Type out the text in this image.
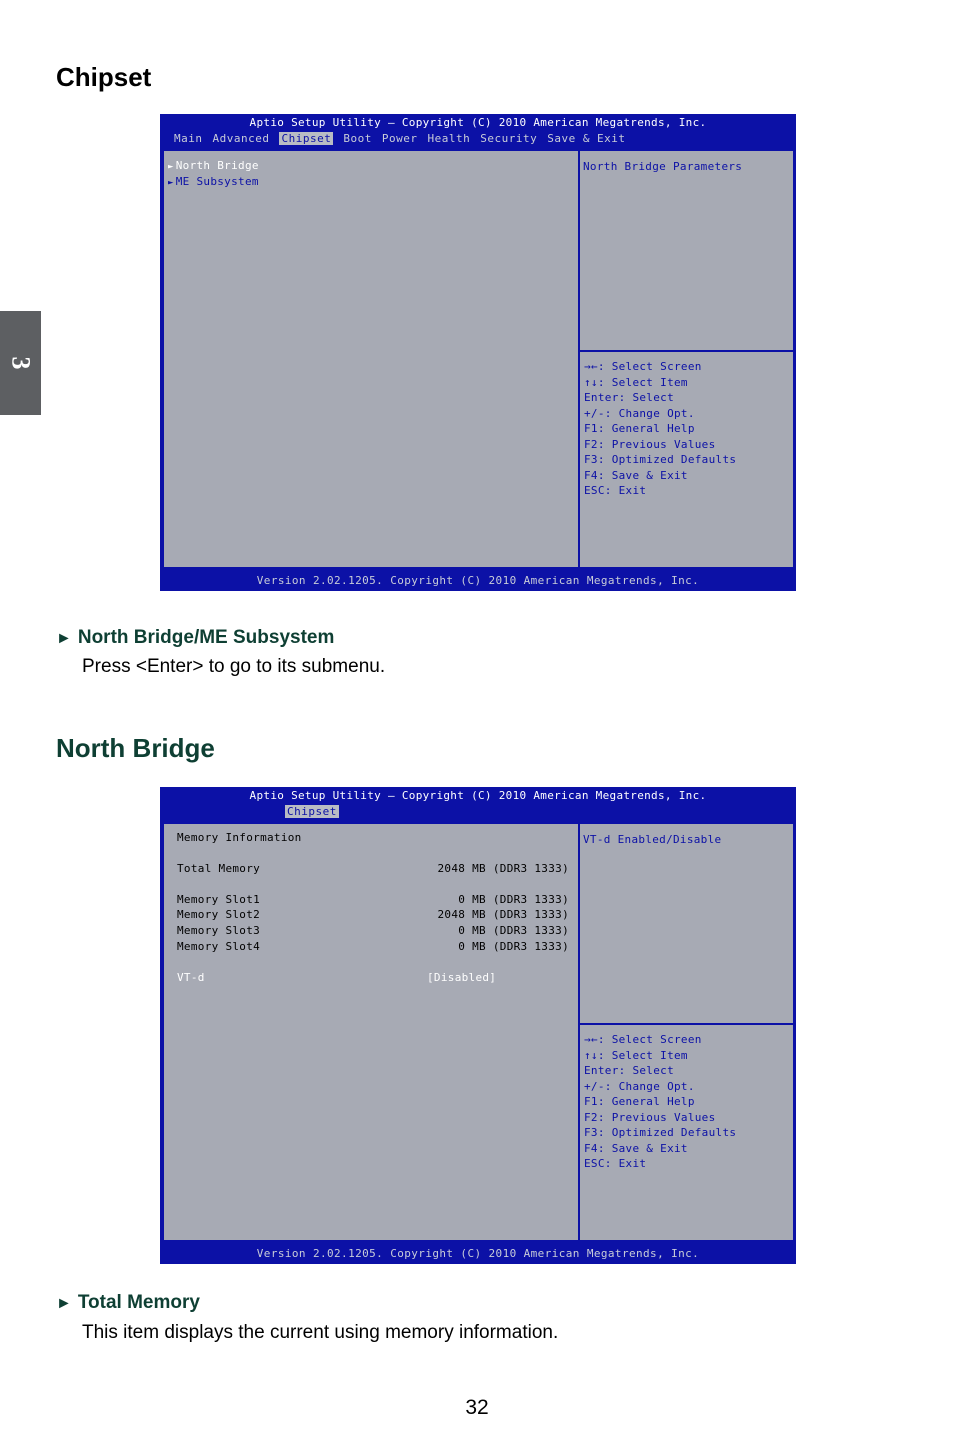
3
Chipset
Aptio Setup Utility – Copyright (C) 2010 American Megatrends, Inc.
Main Advanced Chipset Boot Power Health Security Save & Exit
► North Bridge
► ME Subsystem

North Bridge Parameters

→←: Select Screen
↑↓: Select Item
Enter: Select
+/-: Change Opt.
F1: General Help
F2: Previous Values
F3: Optimized Defaults
F4: Save & Exit
ESC: Exit
Version 2.02.1205. Copyright (C) 2010 American Megatrends, Inc.

► North Bridge/ME Subsystem

Press <Enter> to go to its submenu.

North Bridge
Aptio Setup Utility – Copyright (C) 2010 American Megatrends, Inc.
Chipset
Memory Information
Total Memory	2048 MB (DDR3 1333)
Memory Slot1	0 MB (DDR3 1333)
Memory Slot2	2048 MB (DDR3 1333)
Memory Slot3	0 MB (DDR3 1333)
Memory Slot4	0 MB (DDR3 1333)
VT-d	[Disabled]

VT-d Enabled/Disable

→←: Select Screen
↑↓: Select Item
Enter: Select
+/-: Change Opt.
F1: General Help
F2: Previous Values
F3: Optimized Defaults
F4: Save & Exit
ESC: Exit
Version 2.02.1205. Copyright (C) 2010 American Megatrends, Inc.

► Total Memory

This item displays the current using memory information.

32
